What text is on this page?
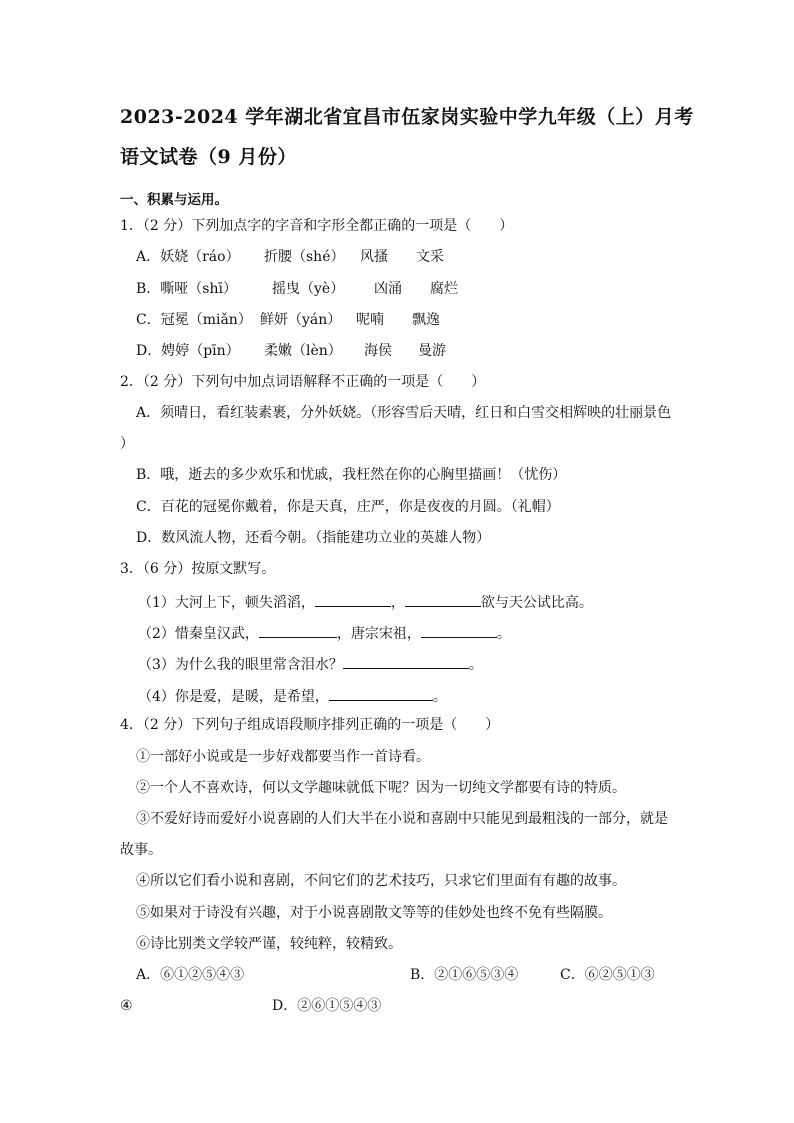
2023-2024 学年湖北省宜昌市伍家岗实验中学九年级（上）月考
语文试卷（9 月份）
一、积累与运用。
1．（2 分）下列加点字的字音和字形全都正确的一项是（　　）
A．妖娆（ráo） 折腰（shé） 风搔 文采
B．嘶哑（shī）	摇曳（yè） 凶涌 腐烂
C．冠冕（miǎn） 鲜妍（yán） 呢喃 飘逸
D．娉婷（pīn） 柔嫩（lèn） 海侯 曼游
2．（2 分）下列句中加点词语解释不正确的一项是（　　）
A．须晴日，看红装素裹，分外妖娆。（形容雪后天晴，红日和白雪交相辉映的壮丽景色
）
B．哦，逝去的多少欢乐和忧戚，我枉然在你的心胸里描画！（忧伤）
C．百花的冠冕你戴着，你是天真，庄严，你是夜夜的月圆。（礼帽）
D．数风流人物，还看今朝。（指能建功立业的英雄人物）
3．（6 分）按原文默写。
（1）大河上下，顿失滔滔，	，	欲与天公试比高。
（2）惜秦皇汉武，	，唐宗宋祖，	。
（3）为什么我的眼里常含泪水？	。
（4）你是爱，是暖，是希望，	。
4．（2 分）下列句子组成语段顺序排列正确的一项是（　　）
①一部好小说或是一步好戏都要当作一首诗看。
②一个人不喜欢诗，何以文学趣味就低下呢？因为一切纯文学都要有诗的特质。
③不爱好诗而爱好小说喜剧的人们大半在小说和喜剧中只能见到最粗浅的一部分，就是
故事。
④所以它们看小说和喜剧，不问它们的艺术技巧，只求它们里面有有趣的故事。
⑤如果对于诗没有兴趣，对于小说喜剧散文等等的佳妙处也终不免有些隔膜。
⑥诗比别类文学较严谨，较纯粹，较精致。
A．⑥①②⑤④③	B．②①⑥⑤③④	C．⑥②⑤①③
④	D．②⑥①⑤④③
